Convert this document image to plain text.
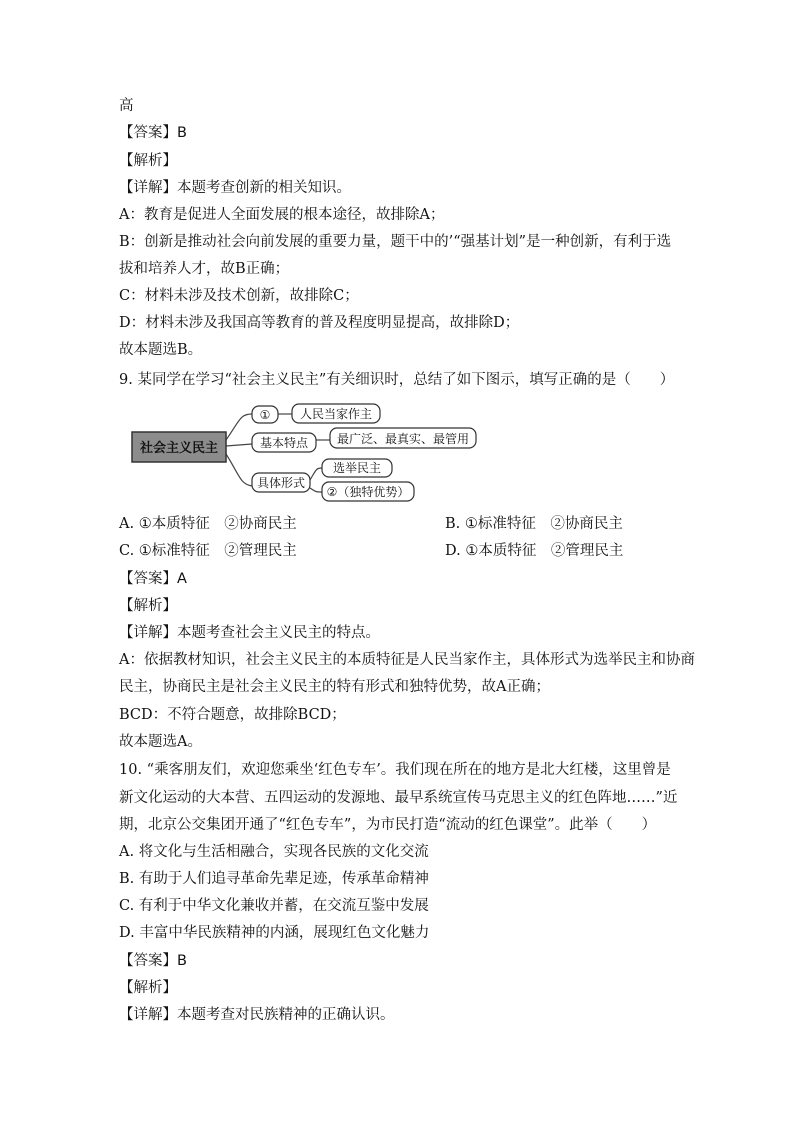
高
【答案】B
【解析】
【详解】本题考查创新的相关知识。
A：教育是促进人全面发展的根本途径，故排除A；
B：创新是推动社会向前发展的重要力量，题干中的’“强基计划”是一种创新，有利于选
拔和培养人才，故B正确；
C：材料未涉及技术创新，故排除C；
D：材料未涉及我国高等教育的普及程度明显提高，故排除D；
故本题选B。
9. 某同学在学习“社会主义民主”有关细识时，总结了如下图示，填写正确的是（　　）
社会主义民主
① 人民当家作主
基本特点 最广泛、最真实、最管用
具体形式
选举民主
②（独特优势）
A. ①本质特征　②协商民主	B. ①标准特征　②协商民主
C. ①标准特征　②管理民主	D. ①本质特征　②管理民主
【答案】A
【解析】
【详解】本题考查社会主义民主的特点。
A：依据教材知识，社会主义民主的本质特征是人民当家作主，具体形式为选举民主和协商
民主，协商民主是社会主义民主的特有形式和独特优势，故A正确；
BCD：不符合题意，故排除BCD；
故本题选A。
10. “乘客朋友们，欢迎您乘坐‘红色专车’。我们现在所在的地方是北大红楼，这里曾是
新文化运动的大本营、五四运动的发源地、最早系统宣传马克思主义的红色阵地……”近
期，北京公交集团开通了“红色专车”，为市民打造“流动的红色课堂”。此举（　　）
A. 将文化与生活相融合，实现各民族的文化交流
B. 有助于人们追寻革命先辈足迹，传承革命精神
C. 有利于中华文化兼收并蓄，在交流互鉴中发展
D. 丰富中华民族精神的内涵，展现红色文化魅力
【答案】B
【解析】
【详解】本题考查对民族精神的正确认识。
